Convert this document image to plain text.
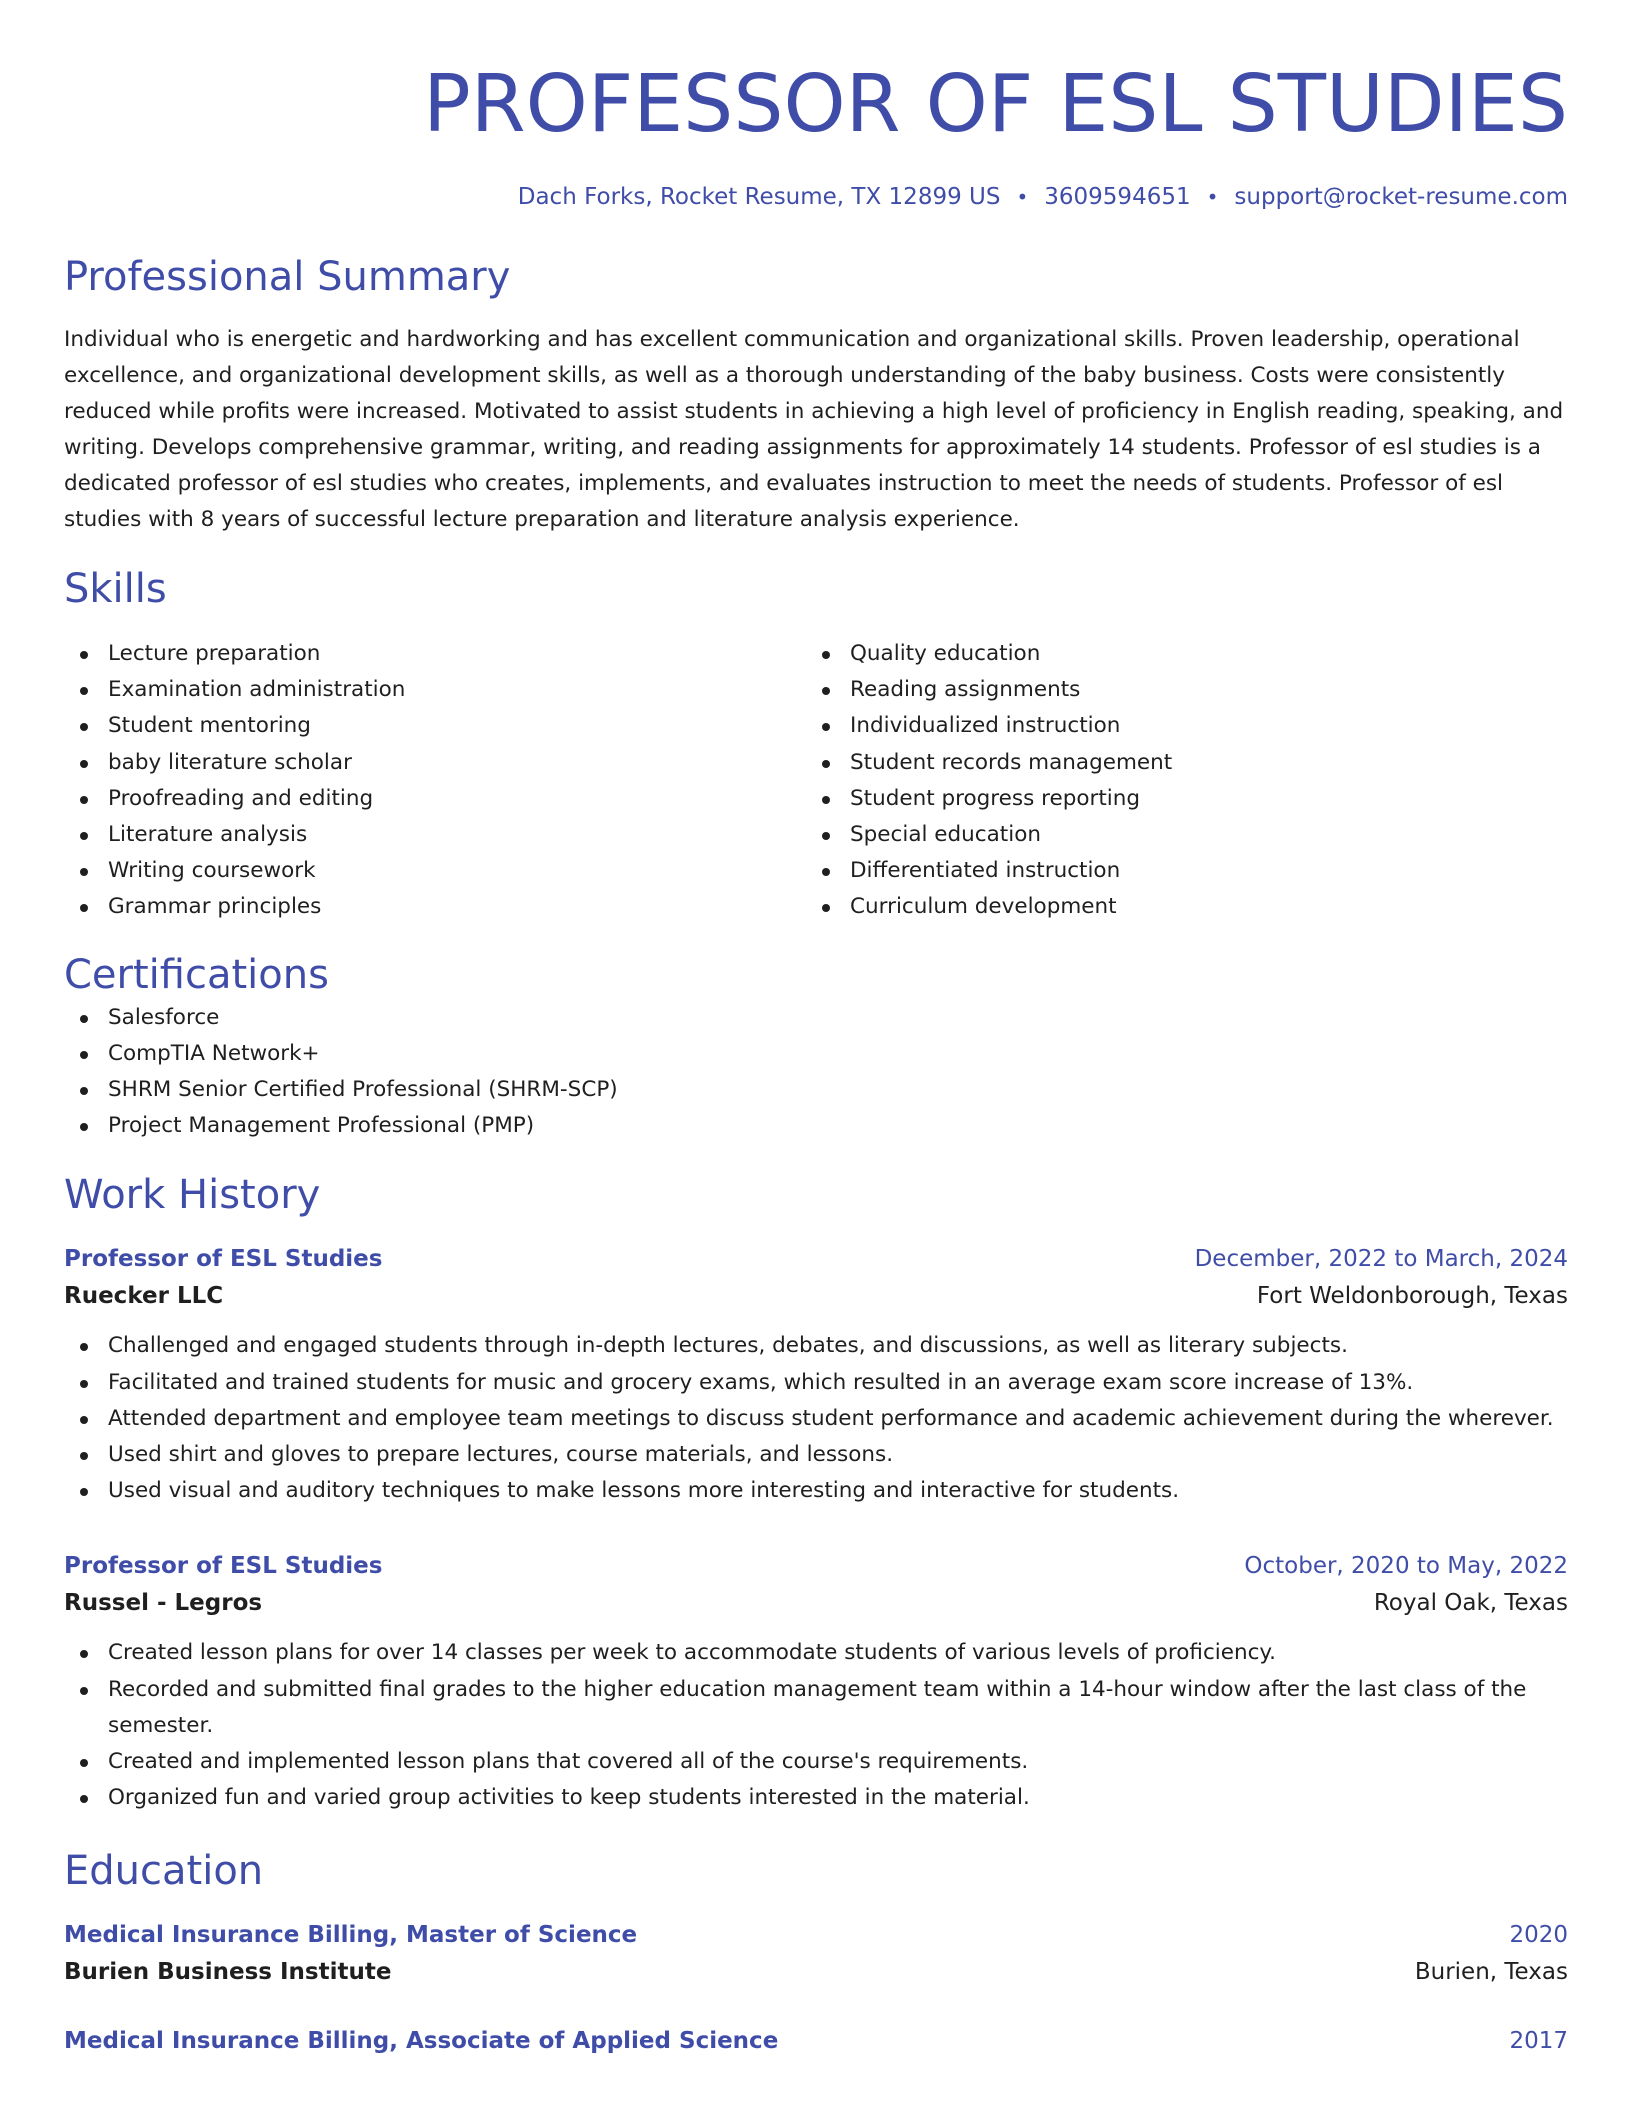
PROFESSOR OF ESL STUDIES
Dach Forks, Rocket Resume, TX 12899 US • 3609594651 • support@rocket-resume.com
Professional Summary
Individual who is energetic and hardworking and has excellent communication and organizational skills. Proven leadership, operational excellence, and organizational development skills, as well as a thorough understanding of the baby business. Costs were consistently reduced while profits were increased. Motivated to assist students in achieving a high level of proficiency in English reading, speaking, and writing. Develops comprehensive grammar, writing, and reading assignments for approximately 14 students. Professor of esl studies is a dedicated professor of esl studies who creates, implements, and evaluates instruction to meet the needs of students. Professor of esl studies with 8 years of successful lecture preparation and literature analysis experience.
Skills
Lecture preparation
Examination administration
Student mentoring
baby literature scholar
Proofreading and editing
Literature analysis
Writing coursework
Grammar principles
Quality education
Reading assignments
Individualized instruction
Student records management
Student progress reporting
Special education
Differentiated instruction
Curriculum development
Certifications
Salesforce
CompTIA Network+
SHRM Senior Certified Professional (SHRM-SCP)
Project Management Professional (PMP)
Work History
Professor of ESL Studies	December, 2022 to March, 2024
Ruecker LLC	Fort Weldonborough, Texas
Challenged and engaged students through in-depth lectures, debates, and discussions, as well as literary subjects.
Facilitated and trained students for music and grocery exams, which resulted in an average exam score increase of 13%.
Attended department and employee team meetings to discuss student performance and academic achievement during the wherever.
Used shirt and gloves to prepare lectures, course materials, and lessons.
Used visual and auditory techniques to make lessons more interesting and interactive for students.
Professor of ESL Studies	October, 2020 to May, 2022
Russel - Legros	Royal Oak, Texas
Created lesson plans for over 14 classes per week to accommodate students of various levels of proficiency.
Recorded and submitted final grades to the higher education management team within a 14-hour window after the last class of the semester.
Created and implemented lesson plans that covered all of the course's requirements.
Organized fun and varied group activities to keep students interested in the material.
Education
Medical Insurance Billing, Master of Science	2020
Burien Business Institute	Burien, Texas
Medical Insurance Billing, Associate of Applied Science	2017
